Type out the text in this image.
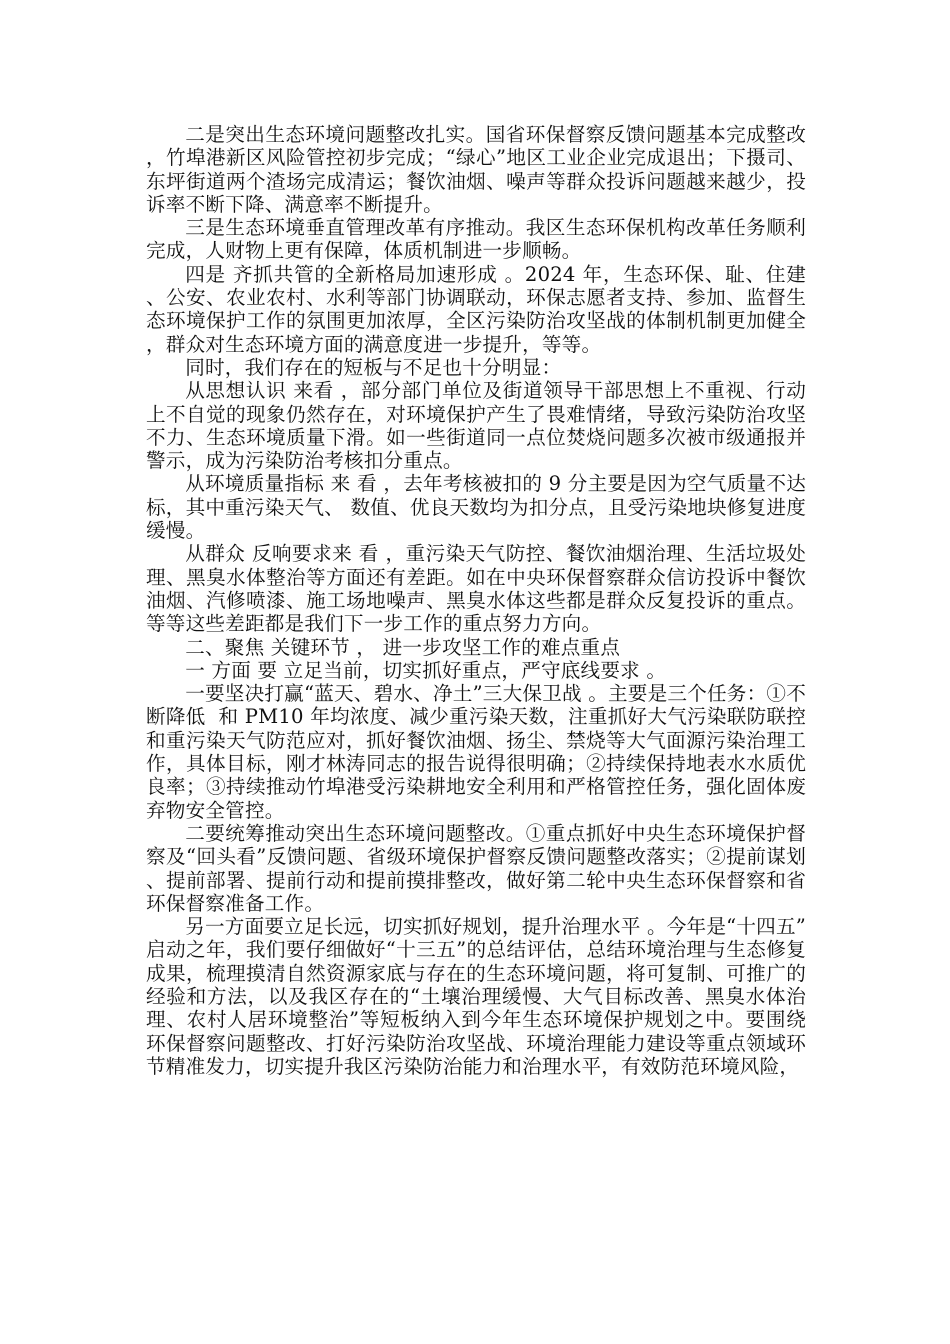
二是突出生态环境问题整改扎实。国省环保督察反馈问题基本完成整改，竹埠港新区风险管控初步完成；“绿心”地区工业企业完成退出；下摄司、东坪街道两个渣场完成清运；餐饮油烟、噪声等群众投诉问题越来越少，投诉率不断下降、满意率不断提升。

三是生态环境垂直管理改革有序推动。我区生态环保机构改革任务顺利完成，人财物上更有保障，体质机制进一步顺畅。

四是 齐抓共管的全新格局加速形成 。2024 年，生态环保、耻、住建、公安、农业农村、水利等部门协调联动，环保志愿者支持、参加、监督生态环境保护工作的氛围更加浓厚，全区污染防治攻坚战的体制机制更加健全，群众对生态环境方面的满意度进一步提升，等等。

同时，我们存在的短板与不足也十分明显：

从思想认识 来看 ，部分部门单位及街道领导干部思想上不重视、行动上不自觉的现象仍然存在，对环境保护产生了畏难情绪，导致污染防治攻坚不力、生态环境质量下滑。如一些街道同一点位焚烧问题多次被市级通报并警示，成为污染防治考核扣分重点。

从环境质量指标 来 看 ，去年考核被扣的 9 分主要是因为空气质量不达标，其中重污染天气、 数值、优良天数均为扣分点，且受污染地块修复进度缓慢。

从群众 反响要求来 看 ，重污染天气防控、餐饮油烟治理、生活垃圾处理、黑臭水体整治等方面还有差距。如在中央环保督察群众信访投诉中餐饮油烟、汽修喷漆、施工场地噪声、黑臭水体这些都是群众反复投诉的重点。等等这些差距都是我们下一步工作的重点努力方向。

二、聚焦 关键环节 ， 进一步攻坚工作的难点重点

一 方面 要 立足当前，切实抓好重点，严守底线要求 。

一要坚决打赢“蓝天、碧水、净土”三大保卫战 。主要是三个任务：①不断降低  和 PM10 年均浓度、减少重污染天数，注重抓好大气污染联防联控和重污染天气防范应对，抓好餐饮油烟、扬尘、禁烧等大气面源污染治理工作，具体目标，刚才林涛同志的报告说得很明确；②持续保持地表水水质优良率；③持续推动竹埠港受污染耕地安全利用和严格管控任务，强化固体废弃物安全管控。

二要统筹推动突出生态环境问题整改。①重点抓好中央生态环境保护督察及“回头看”反馈问题、省级环境保护督察反馈问题整改落实；②提前谋划、提前部署、提前行动和提前摸排整改，做好第二轮中央生态环保督察和省环保督察准备工作。

另一方面要立足长远，切实抓好规划，提升治理水平 。今年是“十四五”启动之年，我们要仔细做好“十三五”的总结评估，总结环境治理与生态修复成果，梳理摸清自然资源家底与存在的生态环境问题，将可复制、可推广的经验和方法，以及我区存在的“土壤治理缓慢、大气目标改善、黑臭水体治理、农村人居环境整治”等短板纳入到今年生态环境保护规划之中。要围绕环保督察问题整改、打好污染防治攻坚战、环境治理能力建设等重点领域环节精准发力，切实提升我区污染防治能力和治理水平，有效防范环境风险，
